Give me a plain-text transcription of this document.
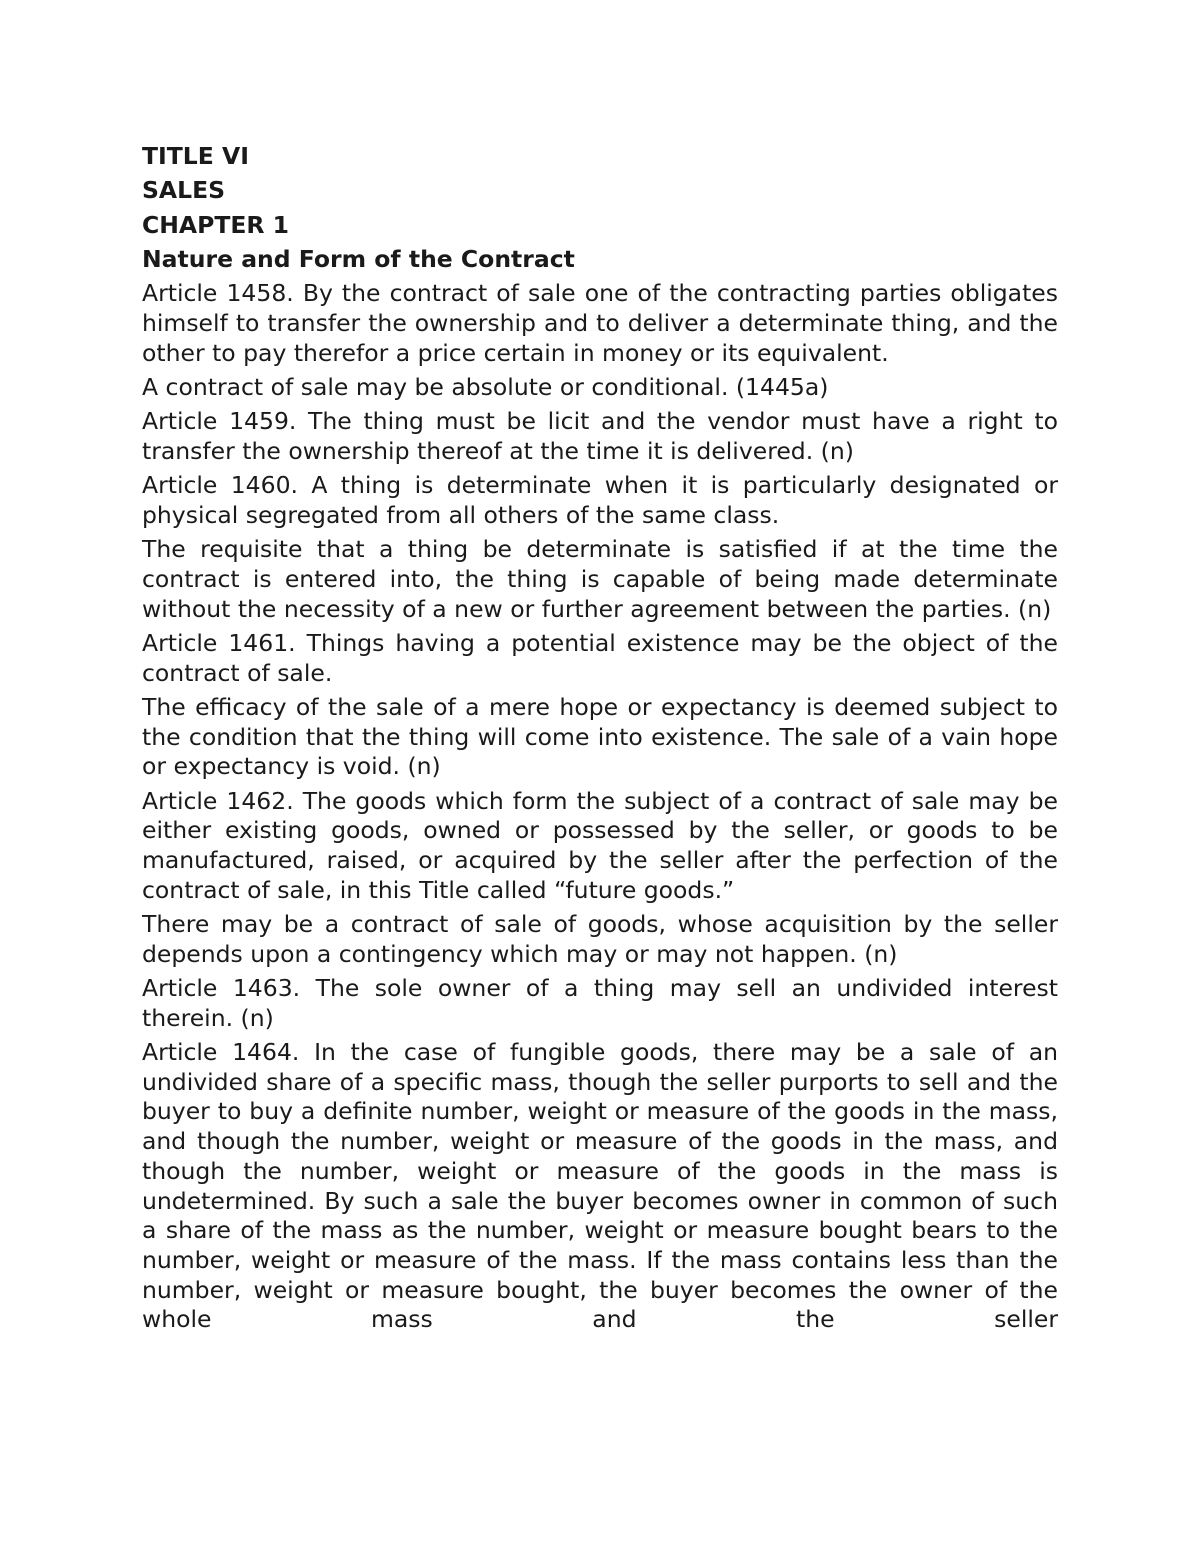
TITLE VI
SALES
CHAPTER 1
Nature and Form of the Contract

Article 1458. By the contract of sale one of the contracting parties obligates himself to transfer the ownership and to deliver a determinate thing, and the other to pay therefor a price certain in money or its equivalent.

A contract of sale may be absolute or conditional. (1445a)

Article 1459. The thing must be licit and the vendor must have a right to transfer the ownership thereof at the time it is delivered. (n)

Article 1460. A thing is determinate when it is particularly designated or physical segregated from all others of the same class.

The requisite that a thing be determinate is satisfied if at the time the contract is entered into, the thing is capable of being made determinate without the necessity of a new or further agreement between the parties. (n)

Article 1461. Things having a potential existence may be the object of the contract of sale.

The efficacy of the sale of a mere hope or expectancy is deemed subject to the condition that the thing will come into existence. The sale of a vain hope or expectancy is void. (n)

Article 1462. The goods which form the subject of a contract of sale may be either existing goods, owned or possessed by the seller, or goods to be manufactured, raised, or acquired by the seller after the perfection of the contract of sale, in this Title called “future goods.”

There may be a contract of sale of goods, whose acquisition by the seller depends upon a contingency which may or may not happen. (n)

Article 1463. The sole owner of a thing may sell an undivided interest therein. (n)

Article 1464. In the case of fungible goods, there may be a sale of an undivided share of a specific mass, though the seller purports to sell and the buyer to buy a definite number, weight or measure of the goods in the mass, and though the number, weight or measure of the goods in the mass, and though the number, weight or measure of the goods in the mass is undetermined. By such a sale the buyer becomes owner in common of such a share of the mass as the number, weight or measure bought bears to the number, weight or measure of the mass. If the mass contains less than the number, weight or measure bought, the buyer becomes the owner of the whole mass and the seller
